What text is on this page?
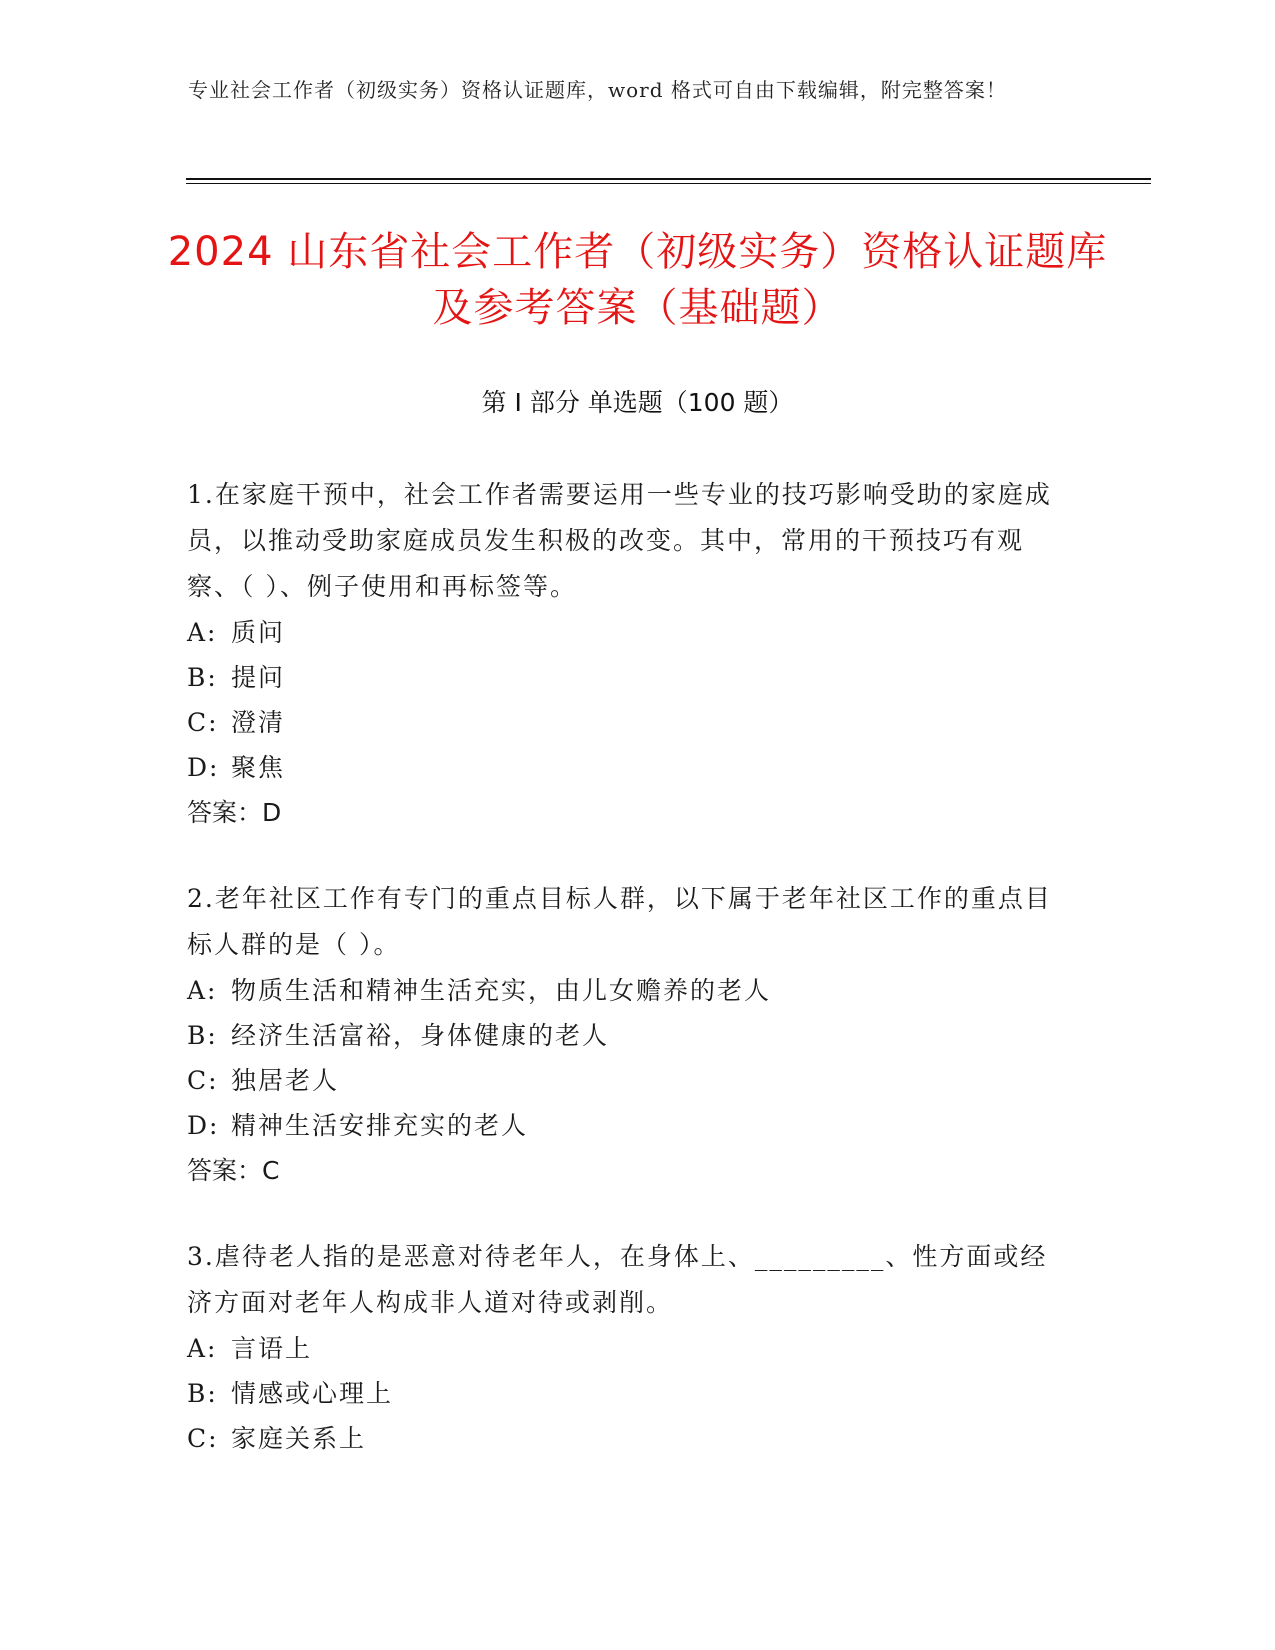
专业社会工作者（初级实务）资格认证题库，word 格式可自由下载编辑，附完整答案！
2024 山东省社会工作者（初级实务）资格认证题库及参考答案（基础题）
第 I 部分 单选题（100 题）

1.在家庭干预中，社会工作者需要运用一些专业的技巧影响受助的家庭成员，以推动受助家庭成员发生积极的改变。其中，常用的干预技巧有观察、（ ）、例子使用和再标签等。

A: 质问

B: 提问

C: 澄清

D: 聚焦

答案：D

2.老年社区工作有专门的重点目标人群，以下属于老年社区工作的重点目标人群的是（ ）。

A: 物质生活和精神生活充实，由儿女赡养的老人

B: 经济生活富裕，身体健康的老人

C: 独居老人

D: 精神生活安排充实的老人

答案：C

3.虐待老人指的是恶意对待老年人，在身体上、_________、性方面或经济方面对老年人构成非人道对待或剥削。

A: 言语上

B: 情感或心理上

C: 家庭关系上
